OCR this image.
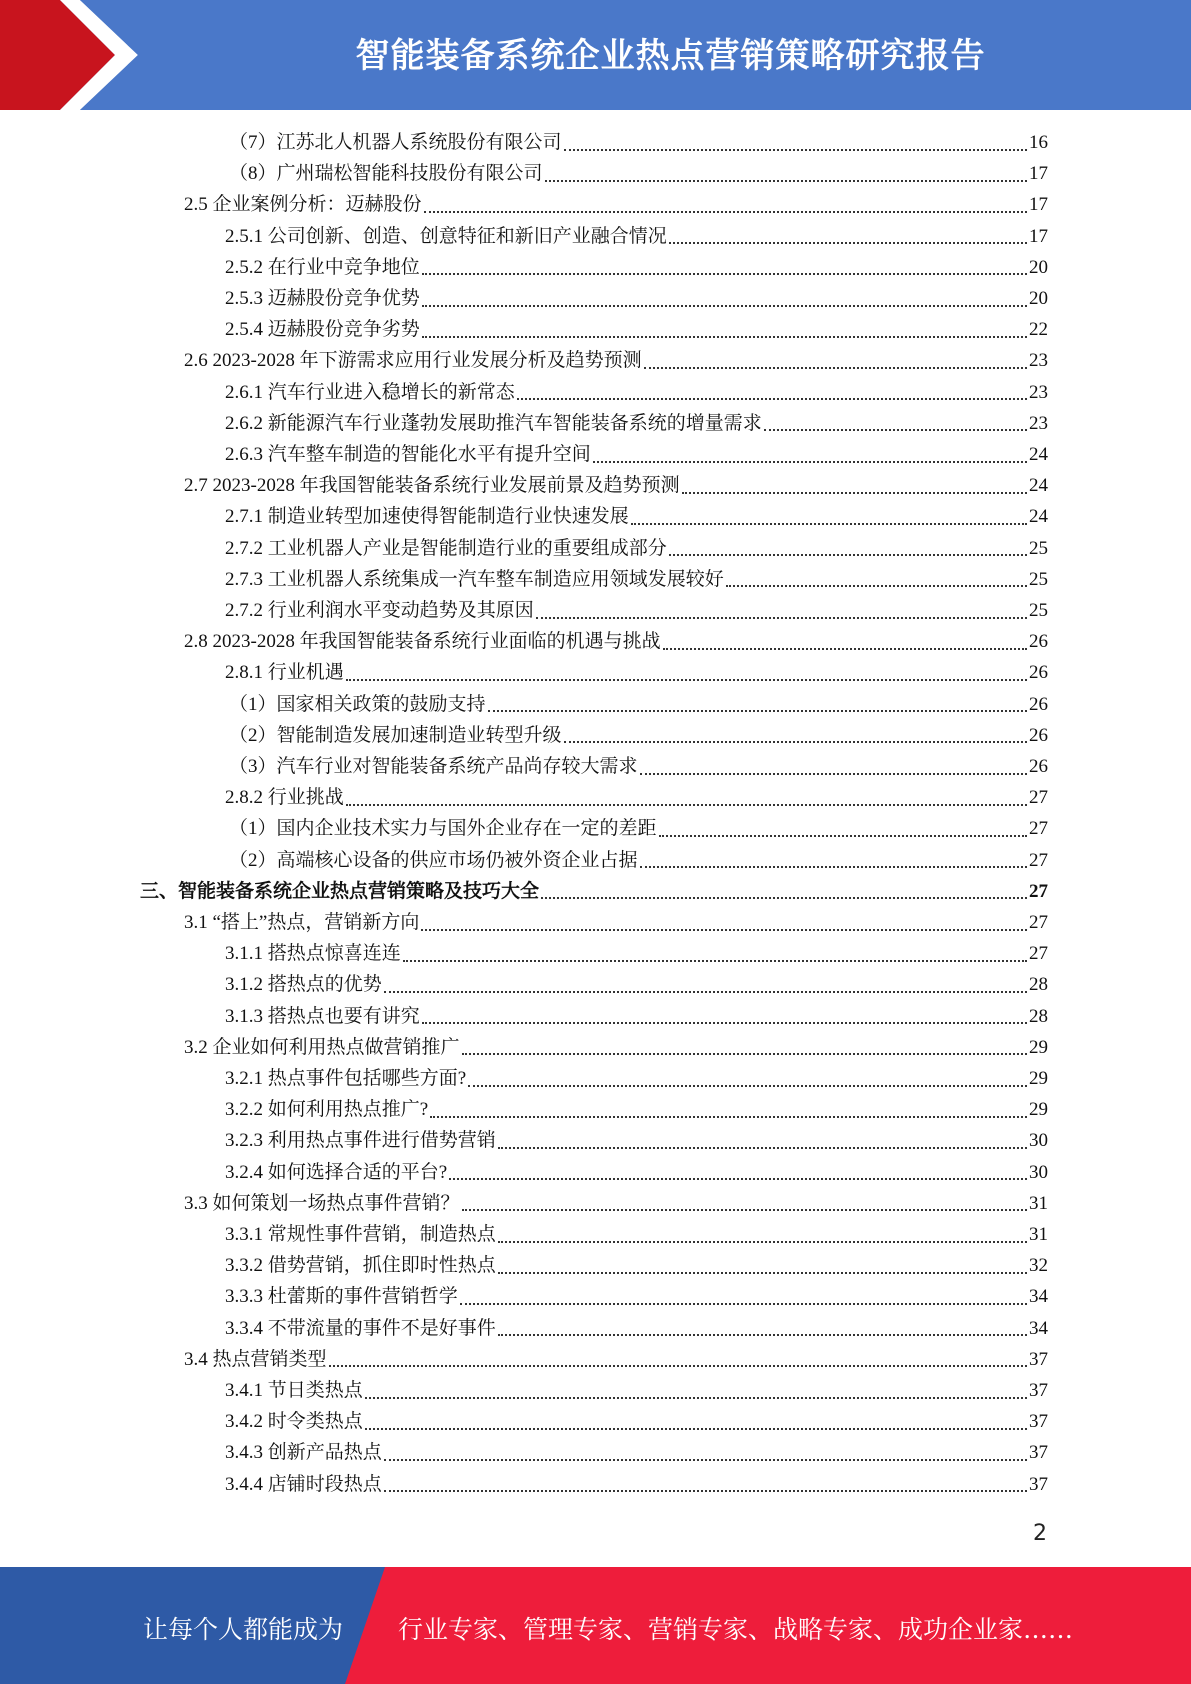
智能装备系统企业热点营销策略研究报告
（7）江苏北人机器人系统股份有限公司	16
（8）广州瑞松智能科技股份有限公司	17
2.5 企业案例分析：迈赫股份	17
2.5.1 公司创新、创造、创意特征和新旧产业融合情况	17
2.5.2 在行业中竞争地位	20
2.5.3 迈赫股份竞争优势	20
2.5.4 迈赫股份竞争劣势	22
2.6 2023-2028 年下游需求应用行业发展分析及趋势预测	23
2.6.1 汽车行业进入稳增长的新常态	23
2.6.2 新能源汽车行业蓬勃发展助推汽车智能装备系统的增量需求	23
2.6.3 汽车整车制造的智能化水平有提升空间	24
2.7 2023-2028 年我国智能装备系统行业发展前景及趋势预测	24
2.7.1 制造业转型加速使得智能制造行业快速发展	24
2.7.2 工业机器人产业是智能制造行业的重要组成部分	25
2.7.3 工业机器人系统集成一汽车整车制造应用领域发展较好	25
2.7.2 行业利润水平变动趋势及其原因	25
2.8 2023-2028 年我国智能装备系统行业面临的机遇与挑战	26
2.8.1 行业机遇	26
（1）国家相关政策的鼓励支持	26
（2）智能制造发展加速制造业转型升级	26
（3）汽车行业对智能装备系统产品尚存较大需求	26
2.8.2 行业挑战	27
（1）国内企业技术实力与国外企业存在一定的差距	27
（2）高端核心设备的供应市场仍被外资企业占据	27
三、智能装备系统企业热点营销策略及技巧大全	27
3.1 “搭上”热点，营销新方向	27
3.1.1 搭热点惊喜连连	27
3.1.2 搭热点的优势	28
3.1.3 搭热点也要有讲究	28
3.2 企业如何利用热点做营销推广	29
3.2.1 热点事件包括哪些方面?	29
3.2.2 如何利用热点推广?	29
3.2.3 利用热点事件进行借势营销	30
3.2.4 如何选择合适的平台?	30
3.3 如何策划一场热点事件营销？	31
3.3.1 常规性事件营销，制造热点	31
3.3.2 借势营销，抓住即时性热点	32
3.3.3 杜蕾斯的事件营销哲学	34
3.3.4 不带流量的事件不是好事件	34
3.4 热点营销类型	37
3.4.1 节日类热点	37
3.4.2 时令类热点	37
3.4.3 创新产品热点	37
3.4.4 店铺时段热点	37
2
让每个人都能成为 行业专家、管理专家、营销专家、战略专家、成功企业家……
